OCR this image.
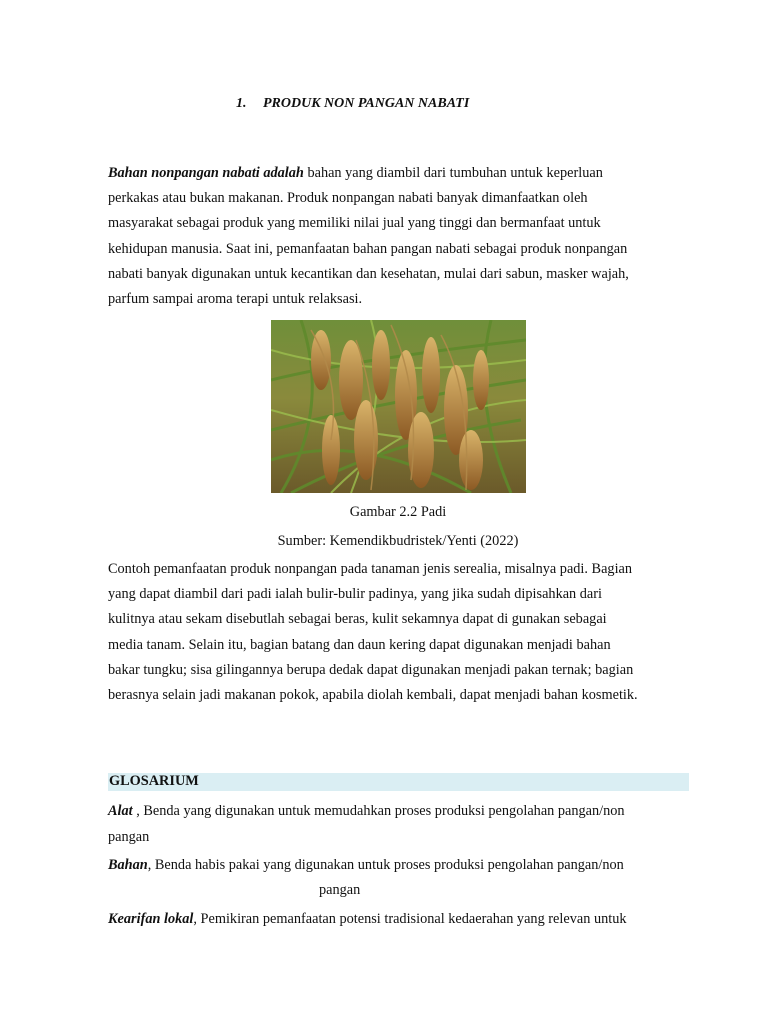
1. PRODUK NON PANGAN NABATI
Bahan nonpangan nabati adalah bahan yang diambil dari tumbuhan untuk keperluan
perkakas atau bukan makanan. Produk nonpangan nabati banyak dimanfaatkan oleh
masyarakat sebagai produk yang memiliki nilai jual yang tinggi dan bermanfaat untuk
kehidupan manusia. Saat ini, pemanfaatan bahan pangan nabati sebagai produk nonpangan
nabati banyak digunakan untuk kecantikan dan kesehatan, mulai dari sabun, masker wajah,
parfum sampai aroma terapi untuk relaksasi.
Gambar 2.2 Padi
Sumber: Kemendikbudristek/Yenti (2022)
Contoh pemanfaatan produk nonpangan pada tanaman jenis serealia, misalnya padi. Bagian
yang dapat diambil dari padi ialah bulir-bulir padinya, yang jika sudah dipisahkan dari
kulitnya atau sekam disebutlah sebagai beras, kulit sekamnya dapat di gunakan sebagai
media tanam. Selain itu, bagian batang dan daun kering dapat digunakan menjadi bahan
bakar tungku; sisa gilingannya berupa dedak dapat digunakan menjadi pakan ternak; bagian
berasnya selain jadi makanan pokok, apabila diolah kembali, dapat menjadi bahan kosmetik.
GLOSARIUM
Alat , Benda yang digunakan untuk memudahkan proses produksi pengolahan pangan/non
pangan
Bahan, Benda habis pakai yang digunakan untuk proses produksi pengolahan pangan/non
pangan
Kearifan lokal, Pemikiran pemanfaatan potensi tradisional kedaerahan yang relevan untuk
